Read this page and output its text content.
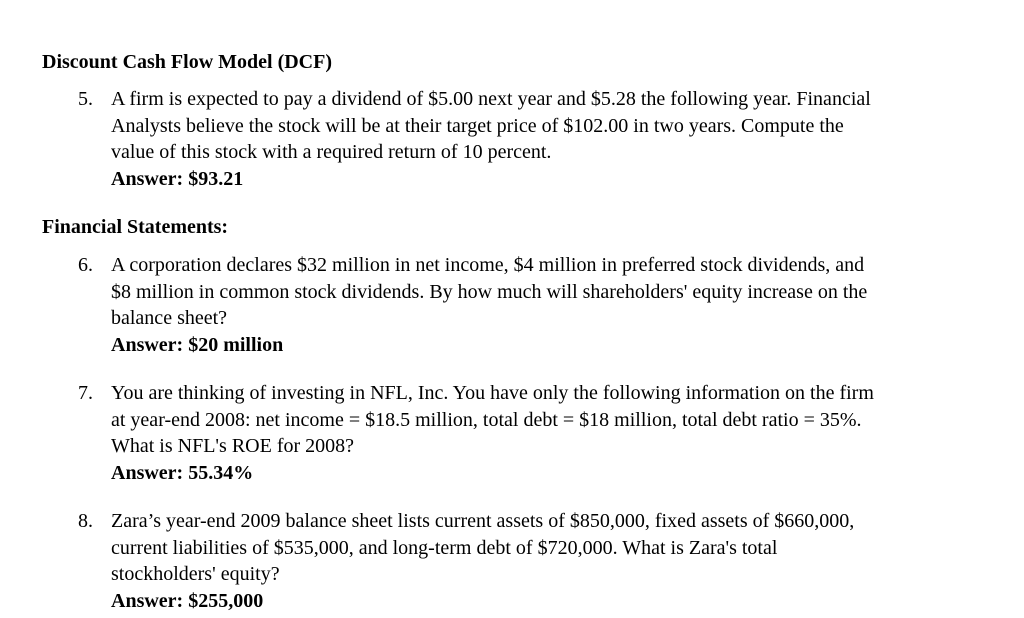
Discount Cash Flow Model (DCF)
5. A firm is expected to pay a dividend of $5.00 next year and $5.28 the following year. Financial
Analysts believe the stock will be at their target price of $102.00 in two years. Compute the
value of this stock with a required return of 10 percent.
Answer: $93.21
Financial Statements:
6. A corporation declares $32 million in net income, $4 million in preferred stock dividends, and
$8 million in common stock dividends. By how much will shareholders' equity increase on the
balance sheet?
Answer: $20 million
7. You are thinking of investing in NFL, Inc. You have only the following information on the firm
at year-end 2008: net income = $18.5 million, total debt = $18 million, total debt ratio = 35%.
What is NFL's ROE for 2008?
Answer: 55.34%
8. Zara’s year-end 2009 balance sheet lists current assets of $850,000, fixed assets of $660,000,
current liabilities of $535,000, and long-term debt of $720,000. What is Zara's total
stockholders' equity?
Answer: $255,000
